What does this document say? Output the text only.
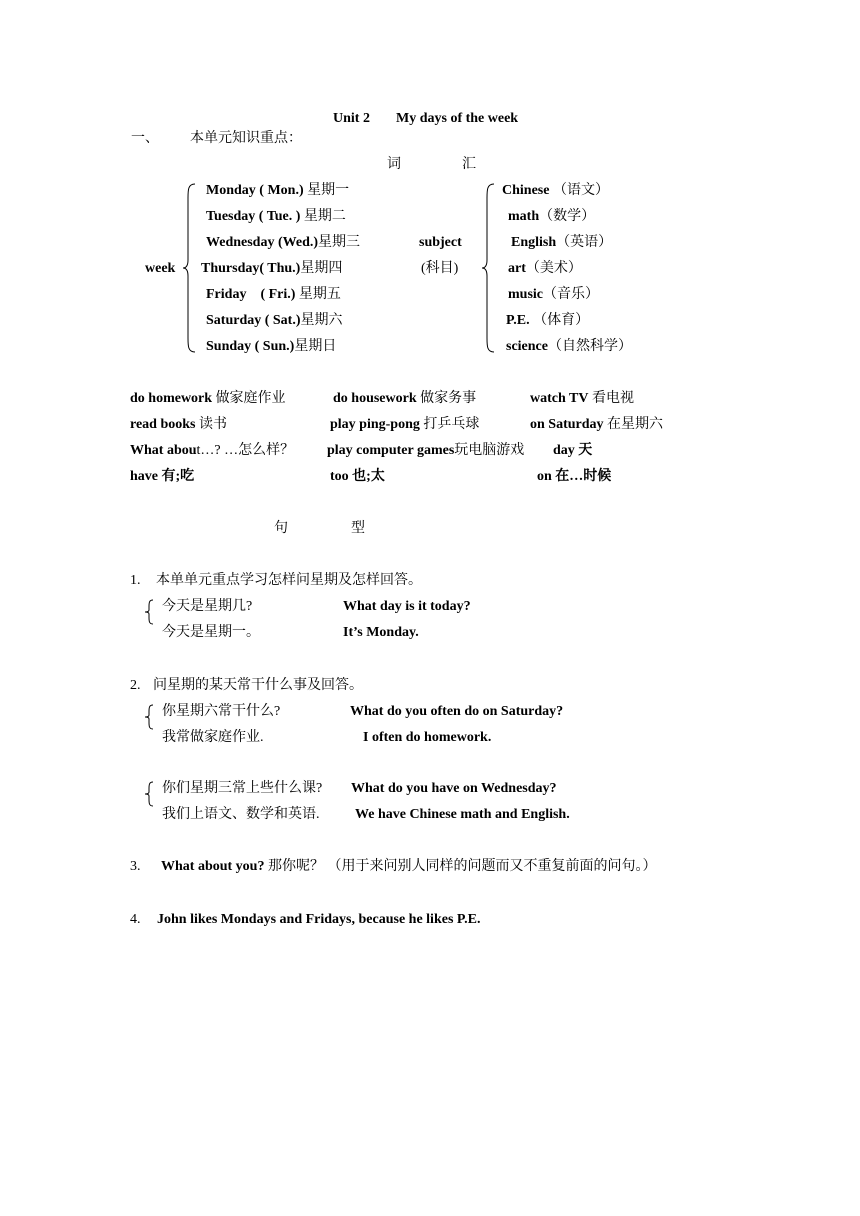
Unit 2 My days of the week
一、 本单元知识重点：
词	汇
week
Monday ( Mon.) 星期一
Tuesday ( Tue. ) 星期二
Wednesday (Wed.)星期三
Thursday( Thu.)星期四
Friday　( Fri.) 星期五
Saturday ( Sat.)星期六
Sunday ( Sun.)星期日
subject
(科目)
Chinese （语文）
math（数学）
English（英语）
art（美术）
music（音乐）
P.E. （体育）
science（自然科学）
do homework 做家庭作业	do housework 做家务事	watch TV 看电视
read books 读书	play ping-pong 打乒乓球	on Saturday 在星期六
What about…? …怎么样？ play computer games玩电脑游戏 day 天
have 有;吃	too 也;太	on 在…时候
句	型
1. 本单单元重点学习怎样问星期及怎样回答。
今天是星期几?	What day is it today?
今天是星期一。	It’s Monday.
2. 问星期的某天常干什么事及回答。
你星期六常干什么?	What do you often do on Saturday?
我常做家庭作业.	I often do homework.
你们星期三常上些什么课? What do you have on Wednesday?
我们上语文、数学和英语.	We have Chinese math and English.
3. What about you? 那你呢？ （用于来问别人同样的问题而又不重复前面的问句。）
4. John likes Mondays and Fridays, because he likes P.E.
